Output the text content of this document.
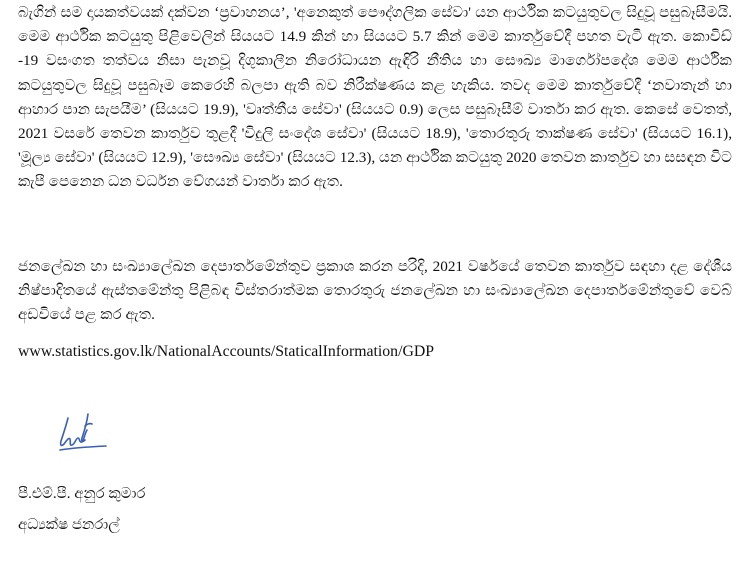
බැගින් සම දායකත්වයක් දක්වන ‘ප්‍රවාහනය’, 'අනෙකුත් පෞද්ගලික සේවා' යන ආර්ථික කටයුතුවල සිදුවූ පසුබෑසීමයි. මෙම ආර්ථික කටයුතු පිළිවෙලින් සියයට 14.9 කින් හා සියයට 5.7 කින් මෙම කාර්තුවේදී පහත වැටී ඇත. කොවිඩ් -19 වසංගත තත්වය නිසා පැනවූ දිගුකාලීන නිරෝධායන ඇඳිරි නීතිය හා සෞඛ්‍ය මාර්ගෝපදේශ මෙම ආර්ථික කටයුතුවල සිදුවූ පසුබෑම කෙරෙහි බලපා ඇති බව නිරීක්ෂණය කළ හැකිය. තවද මෙම කාර්තුවේදී ‘නවාතැන් හා ආහාර පාන සැපයීම’ (සියයට 19.9), 'වෘත්තීය සේවා' (සියයට 0.9) ලෙස පසුබෑසීම් වාර්තා කර ඇත. කෙසේ වෙතත්, 2021 වසරේ තෙවන කාර්තුව තුළදී 'විදුලි සංදේශ සේවා' (සියයට 18.9), 'තොරතුරු තාක්ෂණ සේවා' (සියයට 16.1), 'මූල්‍ය සේවා' (සියයට 12.9), 'සෞඛ්‍ය සේවා' (සියයට 12.3), යන ආර්ථික කටයුතු 2020 තෙවන කාර්තුව හා සසඳන විට කැපී පෙනෙන ධන වර්ධන වේගයන් වාර්තා කර ඇත.

ජනලේඛන හා සංඛ්‍යාලේඛන දෙපාර්තමේන්තුව ප්‍රකාශ කරන පරිදි, 2021 වර්ෂයේ තෙවන කාර්තුව සඳහා දළ දේශීය නිෂ්පාදිතයේ ඇස්තමේන්තු පිළිබඳ විස්තරාත්මක තොරතුරු ජනලේඛන හා සංඛ්‍යාලේඛන දෙපාර්තමේන්තුවේ වෙබ් අඩවියේ පළ කර ඇත.

www.statistics.gov.lk/NationalAccounts/StaticalInformation/GDP

පී.එම්.පී. අනුර කුමාර

අධ්‍යක්ෂ ජනරාල්
